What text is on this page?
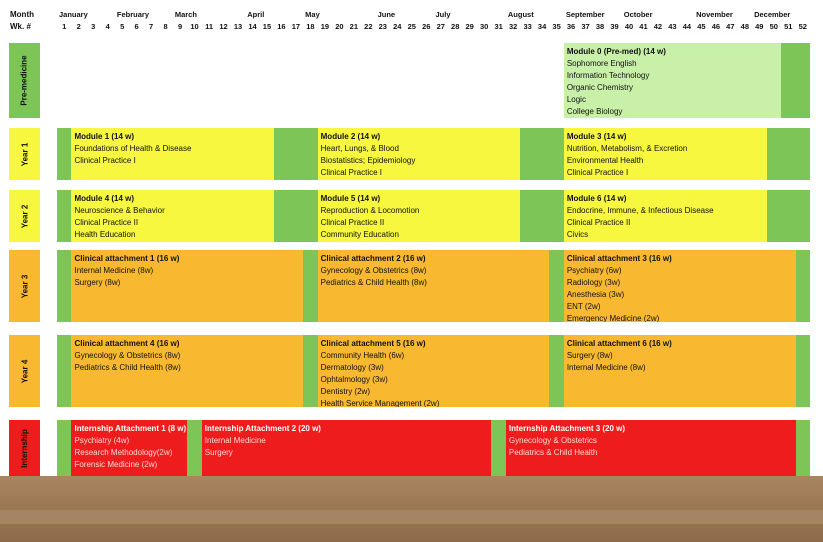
Month
Wk. #
January	February	March	April	May	June	July	August	September	October	November	December
1	2	3	4	5	6	7	8	9	10 11 12 13 14 15 16 17 18 19 20 21 22 23 24 25 26 27 28 29 30 31 32 33 34 35 36 37 38 39 40 41 42 43 44 45 46 47 48 49 50 51 52
Pre-medicine
Module 0 (Pre-med) (14 w)
Sophomore English
Information Technology
Organic Chemistry
Logic
College Biology
Year 1
Module 1 (14 w)
Foundations of Health & Disease
Clinical Practice I
Module 2 (14 w)
Heart, Lungs, & Blood
Biostatistics; Epidemiology
Clinical Practice I
Module 3 (14 w)
Nutrition, Metabolism, & Excretion
Environmental Health
Clinical Practice I
Year 2
Module 4 (14 w)
Neuroscience & Behavior
Clinical Practice II
Health Education
Module 5 (14 w)
Reproduction & Locomotion
Clinical Practice II
Community Education
Module 6 (14 w)
Endocrine, Immune, & Infectious Disease
Clinical Practice II
Civics
Year 3
Clinical attachment 1 (16 w)
Internal Medicine (8w)
Surgery (8w)
Clinical attachment 2 (16 w)
Gynecology & Obstetrics (8w)
Pediatrics & Child Health (8w)
Clinical attachment 3 (16 w)
Psychiatry (6w)
Radiology (3w)
Anesthesia (3w)
ENT (2w)
Emergency Medicine (2w)
Year 4
Clinical attachment 4 (16 w)
Gynecology & Obstetrics (8w)
Pediatrics & Child Health (8w)
Clinical attachment 5 (16 w)
Community Health (6w)
Dermatology (3w)
Ophtalmology (3w)
Dentistry (2w)
Health Service Management (2w)
Clinical attachment 6 (16 w)
Surgery (8w)
Internal Medicine (8w)
Internship
Internship Attachment 1 (8 w)
Psychiatry (4w)
Research Methodology(2w)
Forensic Medicine (2w)
Internship Attachment 2 (20 w)
Internal Medicine
Surgery
Internship Attachment 3 (20 w)
Gynecology & Obstetrics
Pediatrics & Child Health
